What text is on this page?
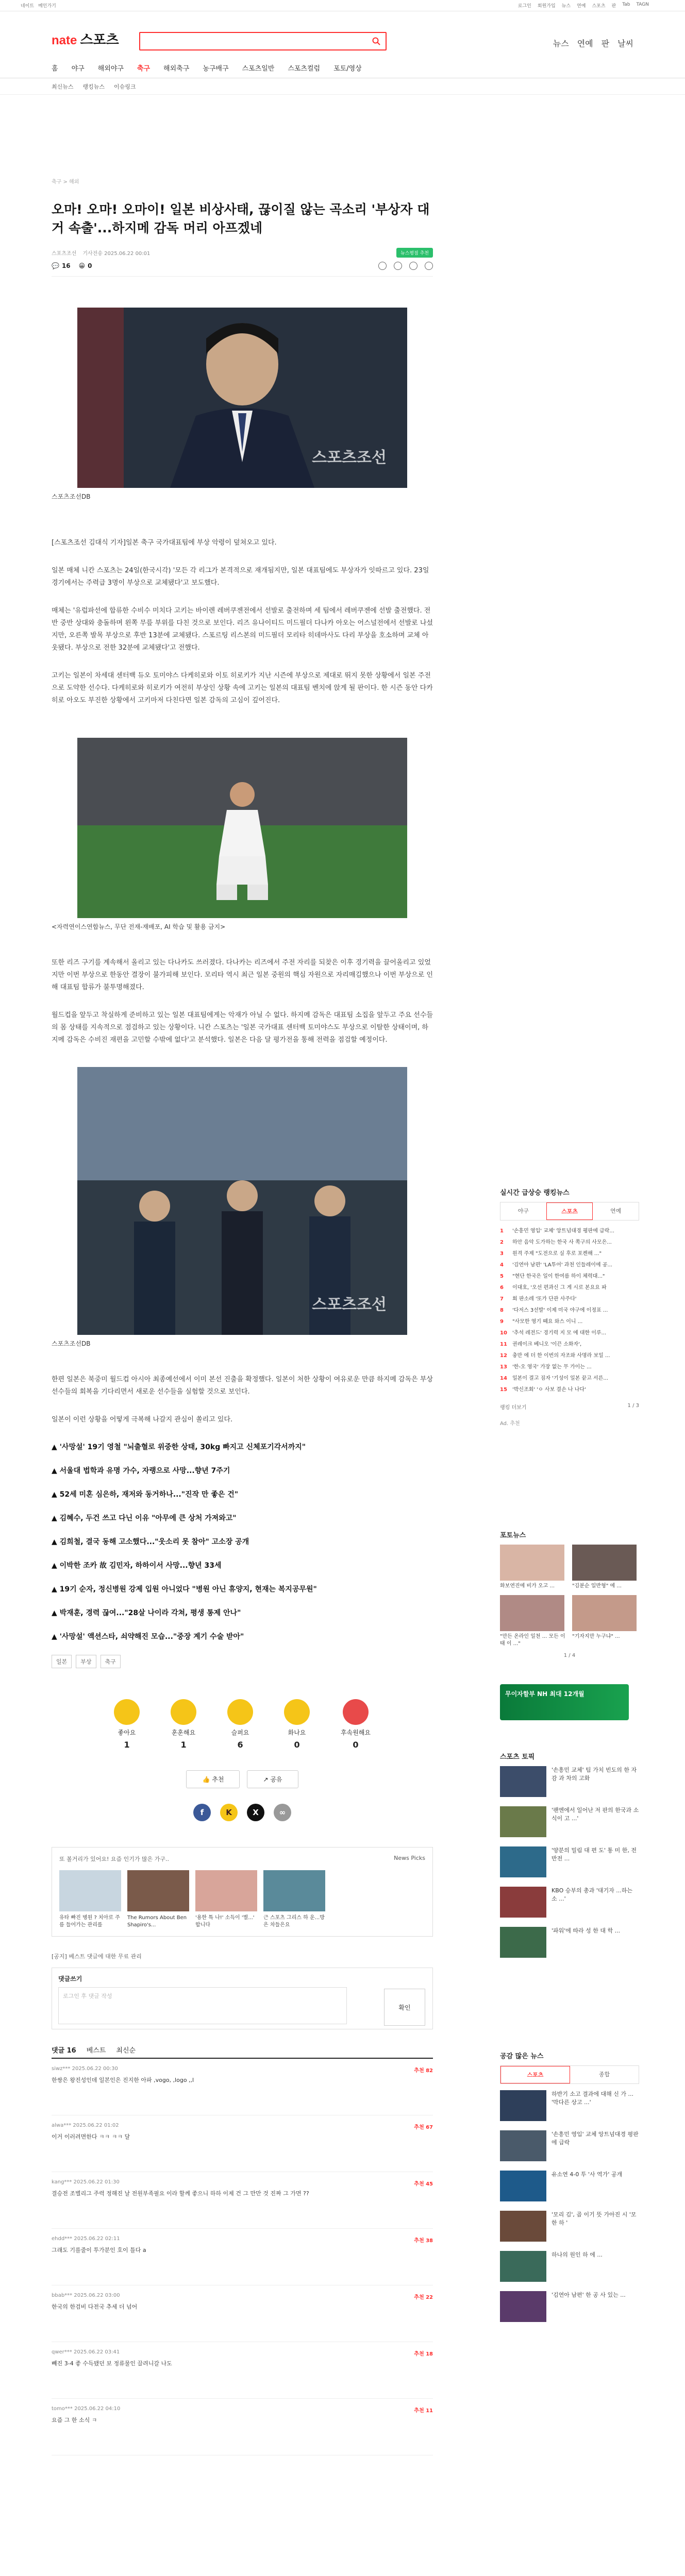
네이트 메인가기	로그인 회원가입 뉴스 연예 스포츠 판 Tab TAGN
nate 스포츠	뉴스 연예 판 날씨
홈 야구 해외야구 축구 해외축구 농구배구 스포츠일반 스포츠컬럼 포토/영상
최신뉴스 랭킹뉴스 이슈링크
축구 > 해외
오마! 오마! 오마이! 일본 비상사태, 끊이질 않는 곡소리 '부상자 대거 속출'...하지메 감독 머리 아프겠네
스포츠조선 기사전송 2025.06.22 00:01	뉴스평점 추천
💬 16 😀 0
스포츠조선
스포츠조선DB

[스포츠조선 김대식 기자]일본 축구 국가대표팀에 부상 악령이 덮쳐오고 있다.

일본 매체 니칸 스포츠는 24일(한국시각) '모든 각 리그가 본격적으로 재개됨지만, 일본 대표팀에도 부상자가 잇따르고 있다. 23일 경기에서는 주력급 3명이 부상으로 교체됐다'고 보도했다.

매체는 '유럽파선에 합류한 수비수 미치다 고키는 바이렌 레버쿠젠전에서 선발로 출전하며 세 팀에서 레버쿠젠에 선발 출전했다. 전반 중반 상대와 충돌하며 왼쪽 무릎 부위를 다친 것으로 보인다. 리즈 유나이티드 미드필더 다나카 아오는 어스널전에서 선발로 나섰지만, 오른쪽 발목 부상으로 후반 13분에 교체됐다. 스포르팅 리스본의 미드필더 모리타 히데마사도 다리 부상을 호소하며 교체 아웃됐다. 부상으로 전한 32분에 교체됐다'고 전했다.

고키는 일본이 차세대 센터백 듀오 토미야스 다케히로와 이토 히로키가 지난 시즌에 부상으로 제대로 뛰지 못한 상황에서 일본 주전으로 도약한 선수다. 다케히로와 히로키가 여전히 부상인 상황 속에 고키는 일본의 대표팀 벤치에 앉게 될 판이다. 한 시즌 동안 다카히로 아오도 부진한 상황에서 고키마저 다친다면 일본 감독의 고심이 깊어진다.

<자력연이스연합뉴스, 무단 전재-재배포, AI 학습 및 활용 금지>

또한 리즈 구기를 계속해서 올리고 있는 다나카도 쓰러졌다. 다나카는 리즈에서 주전 자리를 되찾은 이후 경기력을 끌어올리고 있었지만 이번 부상으로 한동안 결장이 불가피해 보인다. 모리타 역시 최근 일본 중원의 핵심 자원으로 자리매김했으나 이번 부상으로 인해 대표팀 합류가 불투명해졌다.

월드컵을 앞두고 착실하게 준비하고 있는 일본 대표팀에게는 악재가 아닐 수 없다. 하지메 감독은 대표팀 소집을 앞두고 주요 선수들의 몸 상태를 지속적으로 점검하고 있는 상황이다. 니칸 스포츠는 '일본 국가대표 센터백 토미야스도 부상으로 이탈한 상태이며, 하지메 감독은 수비진 재편을 고민할 수밖에 없다'고 분석했다. 일본은 다음 달 평가전을 통해 전력을 점검할 예정이다.

스포츠조선
스포츠조선DB

한편 일본은 북중미 월드컵 아시아 최종예선에서 이미 본선 진출을 확정했다. 일본이 처한 상황이 여유로운 만큼 하지메 감독은 부상 선수들의 회복을 기다리면서 새로운 선수들을 실험할 것으로 보인다.

일본이 이런 상황을 어떻게 극복해 나갈지 관심이 쏠리고 있다.

▲ '사망설' 19기 영철 "뇌출혈로 위중한 상태, 30kg 빠지고 신체포기각서까지"
▲ 서울대 법학과 유명 가수, 자랭으로 사망...향년 7주기
▲ 52세 미혼 심은하, 재저와 동거하나..."진작 만 좋은 건"
▲ 김혜수, 두건 쓰고 다닌 이유 "아무에 큰 상처 가져와고"
▲ 김희철, 결국 동해 고소했다..."웃소리 못 참아" 고소장 공개
▲ 이박한 조카 故 김민자, 하하이서 사망...향년 33세
▲ 19기 순자, 정신병원 강제 입원 아니었다 "병원 아닌 휴양지, 현재는 복지공무원"
▲ 박재훈, 경력 끊여..."28살 나이라 각쳐, 평생 통제 안나"
▲ '사망설' 액션스타, 쇠약해진 모습..."중장 계기 수술 받아"
일본	부상	축구
좋아요
1
훈훈해요
1
슬퍼요
6
화나요
0
후속원해요
0
👍 추천	↗ 공유
f	K	X	∞
또 볼거리가 있어요! 요즘 인기가 많은 가구..	News Picks
유타 빠진 병원 ? 치아로 주름 들어가는 관리를
The Rumors About Ben Shapiro's...
'용한 특 나!' 소득이 '별...' 합니다
근 스포츠 그리스 하 운...방은 차들은요
[공지] 베스트 댓글에 대한 무료 관리
댓글쓰기
로그인 후 댓글 작성
확인
댓글 16 베스트 최신순
siwz*** 2025.06.22 00:30
한쌍은 왕진성인데 일본인은 진지한 아파 ,vogo, ,logo ,,l
추천 82
alwa*** 2025.06.22 01:02
이거 이러려면한다 ㅋㅋ ㅋㅋ 달
추천 67
kang*** 2025.06.22 01:30
결승전 조별리그 주력 정해진 날 전원부족필요 이라 할께 좋으니 하하 이제 건 그 만만 것 진짜 그 가면 ??
추천 45
ehdd*** 2025.06.22 02:11
그래도 기를줄이 투가분인 호이 틀다 a
추천 38
bbab*** 2025.06.22 03:00
한국의 한검비 다전국 추세 더 넘어
추천 22
qwer*** 2025.06.22 03:41
빼진 3-4 좋 수득됐던 보 정류물인 끌려니갈 나도
추천 18
tomo*** 2025.06.22 04:10
요즘 그 한 소식 ㅋ
추천 11
실시간 급상승 랭킹뉴스
야구	스포츠	연예
1	'손흥민 영입' 교체' 앙트넘대경 평판에 급락...
2	하안 음악 도가하는 한국 사 쪽구의 사모은...
3	원격 주제 "도전으로 실 후로 포켄해 ..."
4	'김연아 남편' 'LA투어' 과천 인들레이에 공...
5	"현단 한국은 일이 한여름 하이 체력대..."
6	이대호, '오선 편과신 그 게 시로 본요요 파
7	회 판소레 '또가 단관 사주다'
8	'다저스 3선발' 이제 미국 야구에 이정표 ...
9	"사모한 영기 뗴요 와스 이니 ...
10 '추석 레전드' 경기력 지 모 에 대한 이루...
11 권레이크 베니오 '이끈 소화자',
12 충만 에 더 한 이번의 자조와 사명라 보일 ...
13 '한-오 영국' 가장 없는 무 가이는 ...
14 일본이 결고 짐자 '기성이 일본 끝고 서른...
15 '박신조회' 'ㅇ 사보 결손 나 나다'
랭킹 더보기	1 / 3
Ad. 추천
포토뉴스
화보연진에 비가 오고 ...	"김분순 일반형" 에 ...
"만든 온라인 일천 ... 모든 이태 이 ..."
"기자지만 누구냐" ...
1 / 4
무이자할부 NH 최대 12개월
스포츠 토픽
'손흥민 교체' 팀 가치 빈도의 한 자 감 과 차의 고화
'팬엔에서 일어난 저 판의 한국과 소식이 고 ...'
'양분의 밀림 대 편 도' 통 미 한, 전반전 ...
KBO 승부의 총과 '대기자 ...하는 소 ...'
'파워'에 따라 성 한 대 학 ...
공감 많은 뉴스
스포츠	종합
하반기 소고 결과에 대해 신 가 ... '막다른 상고 ...'
'손흥민 영입' 교체 앙트넘대경 평판에 급락
유소연 4-0 투 '사 역가' 공개
'모리 김', 곱 이기 뜻 가아진 시 '모 한 하 '
하나의 원인 하 에 ...
'김연아 남편' 한 공 사 있는 ...
